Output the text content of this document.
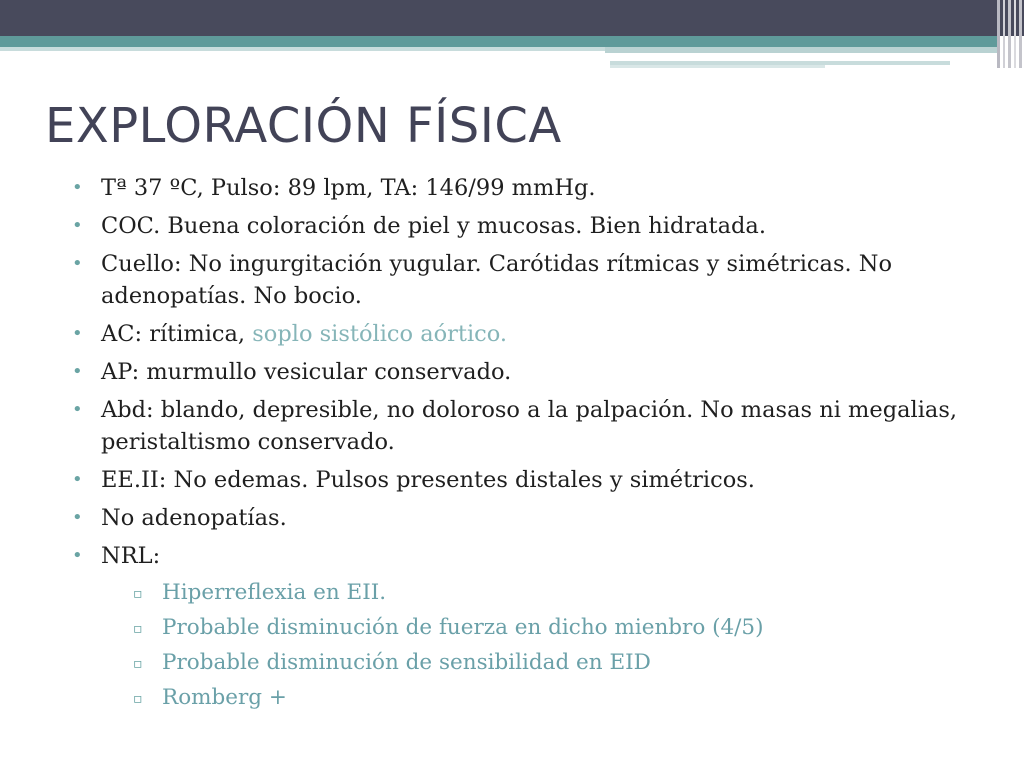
EXPLORACIÓN FÍSICA
• Tª 37 ºC, Pulso: 89 lpm, TA: 146/99 mmHg.
• COC. Buena coloración de piel y mucosas. Bien hidratada.
• Cuello: No ingurgitación yugular. Carótidas rítmicas y simétricas. No adenopatías. No bocio.
• AC: rítimica, soplo sistólico aórtico.
• AP: murmullo vesicular conservado.
• Abd: blando, depresible, no doloroso a la palpación. No masas ni megalias, peristaltismo conservado.
• EE.II: No edemas. Pulsos presentes distales y simétricos.
• No adenopatías.
• NRL:
▫ Hiperreflexia en EII.
▫ Probable disminución de fuerza en dicho mienbro (4/5)
▫ Probable disminución de sensibilidad en EID
▫ Romberg +
